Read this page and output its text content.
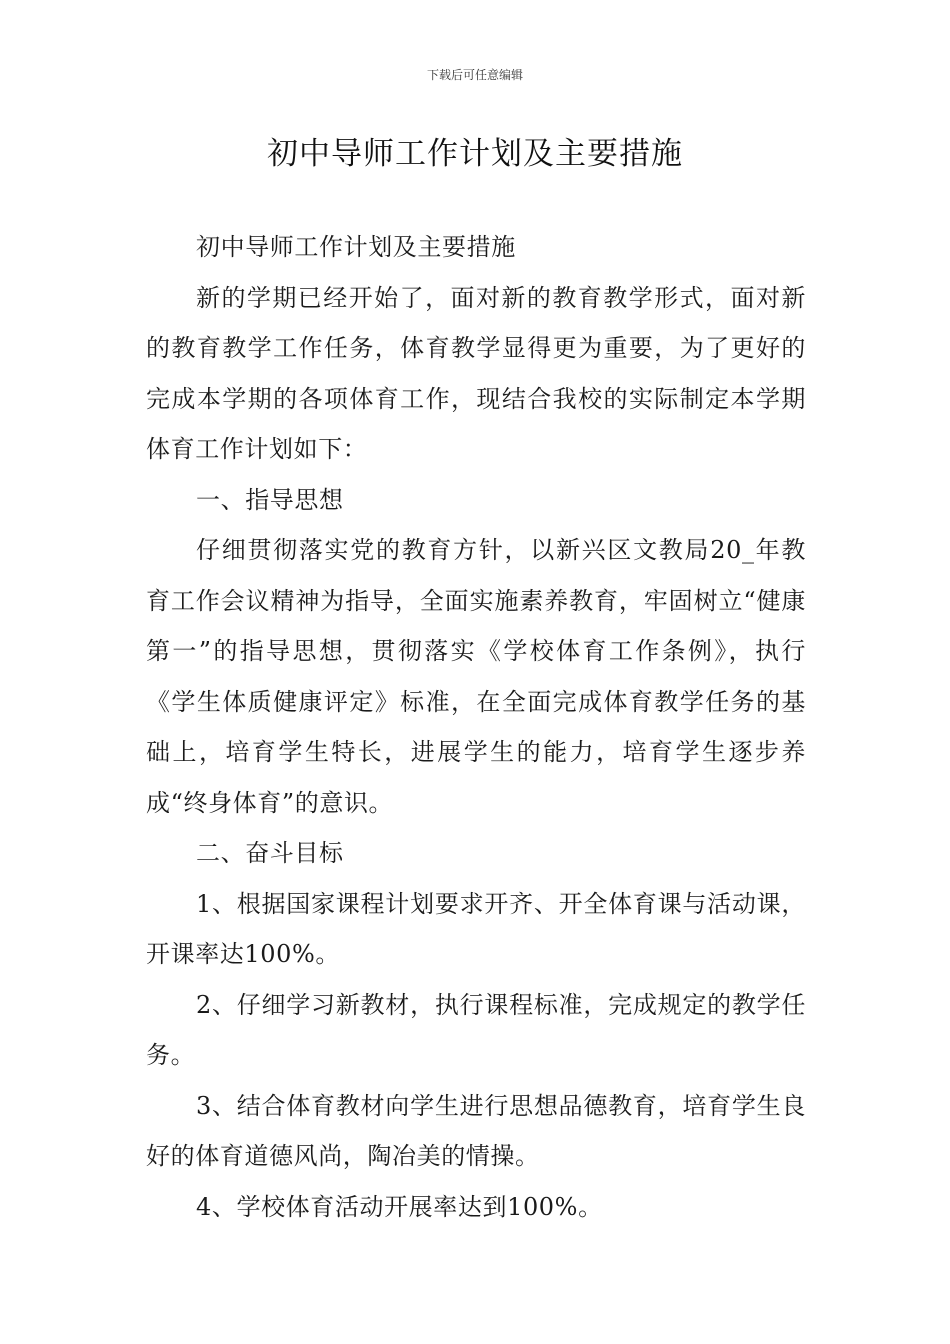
下载后可任意编辑
初中导师工作计划及主要措施

初中导师工作计划及主要措施

新的学期已经开始了，面对新的教育教学形式，面对新的教育教学工作任务，体育教学显得更为重要，为了更好的完成本学期的各项体育工作，现结合我校的实际制定本学期体育工作计划如下：

一、指导思想

仔细贯彻落实党的教育方针，以新兴区文教局20_年教育工作会议精神为指导，全面实施素养教育，牢固树立“健康第一”的指导思想，贯彻落实《学校体育工作条例》，执行《学生体质健康评定》标准，在全面完成体育教学任务的基础上，培育学生特长，进展学生的能力，培育学生逐步养成“终身体育”的意识。

二、奋斗目标

1、根据国家课程计划要求开齐、开全体育课与活动课，开课率达100%。

2、仔细学习新教材，执行课程标准，完成规定的教学任务。

3、结合体育教材向学生进行思想品德教育，培育学生良好的体育道德风尚，陶冶美的情操。

4、学校体育活动开展率达到100%。
